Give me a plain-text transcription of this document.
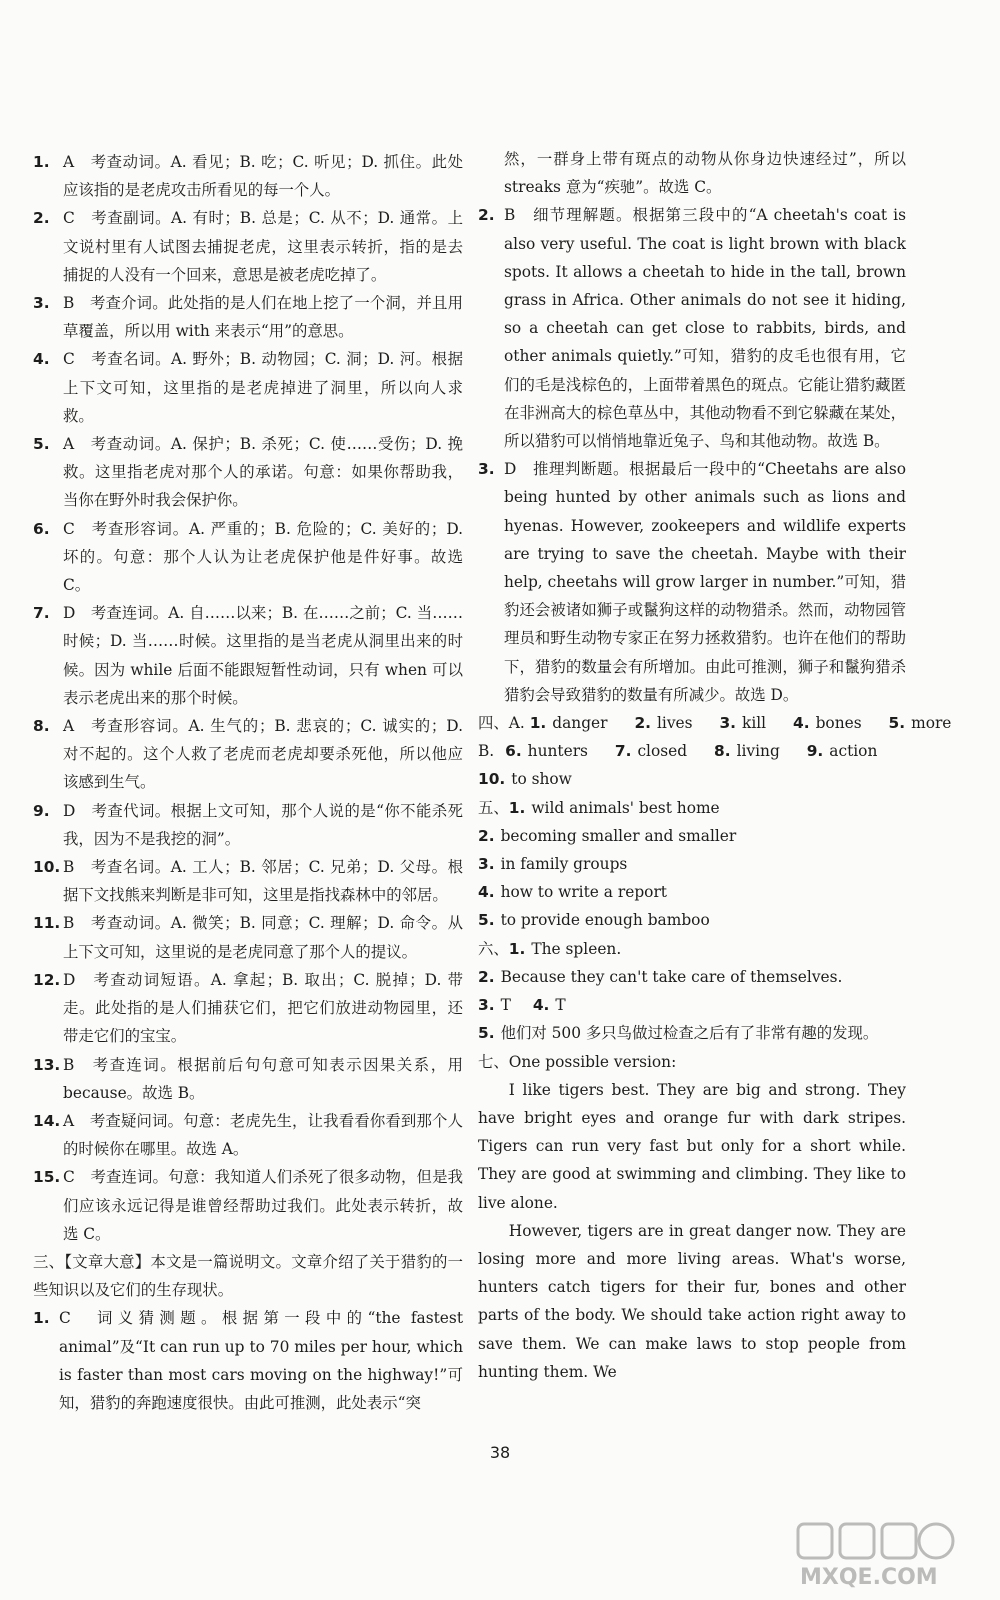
1. A　考查动词。A. 看见；B. 吃；C. 听见；D. 抓住。此处应该指的是老虎攻击所看见的每一个人。
2. C　考查副词。A. 有时；B. 总是；C. 从不；D. 通常。上文说村里有人试图去捕捉老虎，这里表示转折，指的是去捕捉的人没有一个回来，意思是被老虎吃掉了。
3. B　考查介词。此处指的是人们在地上挖了一个洞，并且用草覆盖，所以用 with 来表示“用”的意思。
4. C　考查名词。A. 野外；B. 动物园；C. 洞；D. 河。根据上下文可知，这里指的是老虎掉进了洞里，所以向人求救。
5. A　考查动词。A. 保护；B. 杀死；C. 使……受伤；D. 挽救。这里指老虎对那个人的承诺。句意：如果你帮助我，当你在野外时我会保护你。
6. C　考查形容词。A. 严重的；B. 危险的；C. 美好的；D. 坏的。句意：那个人认为让老虎保护他是件好事。故选 C。
7. D　考查连词。A. 自……以来；B. 在……之前；C. 当……时候；D. 当……时候。这里指的是当老虎从洞里出来的时候。因为 while 后面不能跟短暂性动词，只有 when 可以表示老虎出来的那个时候。
8. A　考查形容词。A. 生气的；B. 悲哀的；C. 诚实的；D. 对不起的。这个人救了老虎而老虎却要杀死他，所以他应该感到生气。
9. D　考查代词。根据上文可知，那个人说的是“你不能杀死我，因为不是我挖的洞”。
10. B　考查名词。A. 工人；B. 邻居；C. 兄弟；D. 父母。根据下文找熊来判断是非可知，这里是指找森林中的邻居。
11. B　考查动词。A. 微笑；B. 同意；C. 理解；D. 命令。从上下文可知，这里说的是老虎同意了那个人的提议。
12. D　考查动词短语。A. 拿起；B. 取出；C. 脱掉；D. 带走。此处指的是人们捕获它们，把它们放进动物园里，还带走它们的宝宝。
13. B　考查连词。根据前后句句意可知表示因果关系，用 because。故选 B。
14. A　考查疑问词。句意：老虎先生，让我看看你看到那个人的时候你在哪里。故选 A。
15. C　考查连词。句意：我知道人们杀死了很多动物，但是我们应该永远记得是谁曾经帮助过我们。此处表示转折，故选 C。
三、【文章大意】本文是一篇说明文。文章介绍了关于猎豹的一些知识以及它们的生存现状。
1. C　词义猜测题。根据第一段中的“the fastest animal”及“It can run up to 70 miles per hour, which is faster than most cars moving on the highway!”可知，猎豹的奔跑速度很快。由此可推测，此处表示“突
然，一群身上带有斑点的动物从你身边快速经过”，所以 streaks 意为“疾驰”。故选 C。
2. B　细节理解题。根据第三段中的“A cheetah's coat is also very useful. The coat is light brown with black spots. It allows a cheetah to hide in the tall, brown grass in Africa. Other animals do not see it hiding, so a cheetah can get close to rabbits, birds, and other animals quietly.”可知，猎豹的皮毛也很有用，它们的毛是浅棕色的，上面带着黑色的斑点。它能让猎豹藏匿在非洲高大的棕色草丛中，其他动物看不到它躲藏在某处，所以猎豹可以悄悄地靠近兔子、鸟和其他动物。故选 B。
3. D　推理判断题。根据最后一段中的“Cheetahs are also being hunted by other animals such as lions and hyenas. However, zookeepers and wildlife experts are trying to save the cheetah. Maybe with their help, cheetahs will grow larger in number.”可知，猎豹还会被诸如狮子或鬣狗这样的动物猎杀。然而，动物园管理员和野生动物专家正在努力拯救猎豹。也许在他们的帮助下，猎豹的数量会有所增加。由此可推测，狮子和鬣狗猎杀猎豹会导致猎豹的数量有所减少。故选 D。
四、A. 1. danger 2. lives 3. kill 4. bones 5. more
B. 6. hunters 7. closed 8. living 9. action
10. to show
五、1. wild animals' best home
2. becoming smaller and smaller
3. in family groups
4. how to write a report
5. to provide enough bamboo
六、1. The spleen.
2. Because they can't take care of themselves.
3. T 4. T
5. 他们对 500 多只鸟做过检查之后有了非常有趣的发现。
七、One possible version:

I like tigers best. They are big and strong. They have bright eyes and orange fur with dark stripes. Tigers can run very fast but only for a short while. They are good at swimming and climbing. They like to live alone.

However, tigers are in great danger now. They are losing more and more living areas. What's worse, hunters catch tigers for their fur, bones and other parts of the body. We should take action right away to save them. We can make laws to stop people from hunting them. We

38
MXQE.COM
